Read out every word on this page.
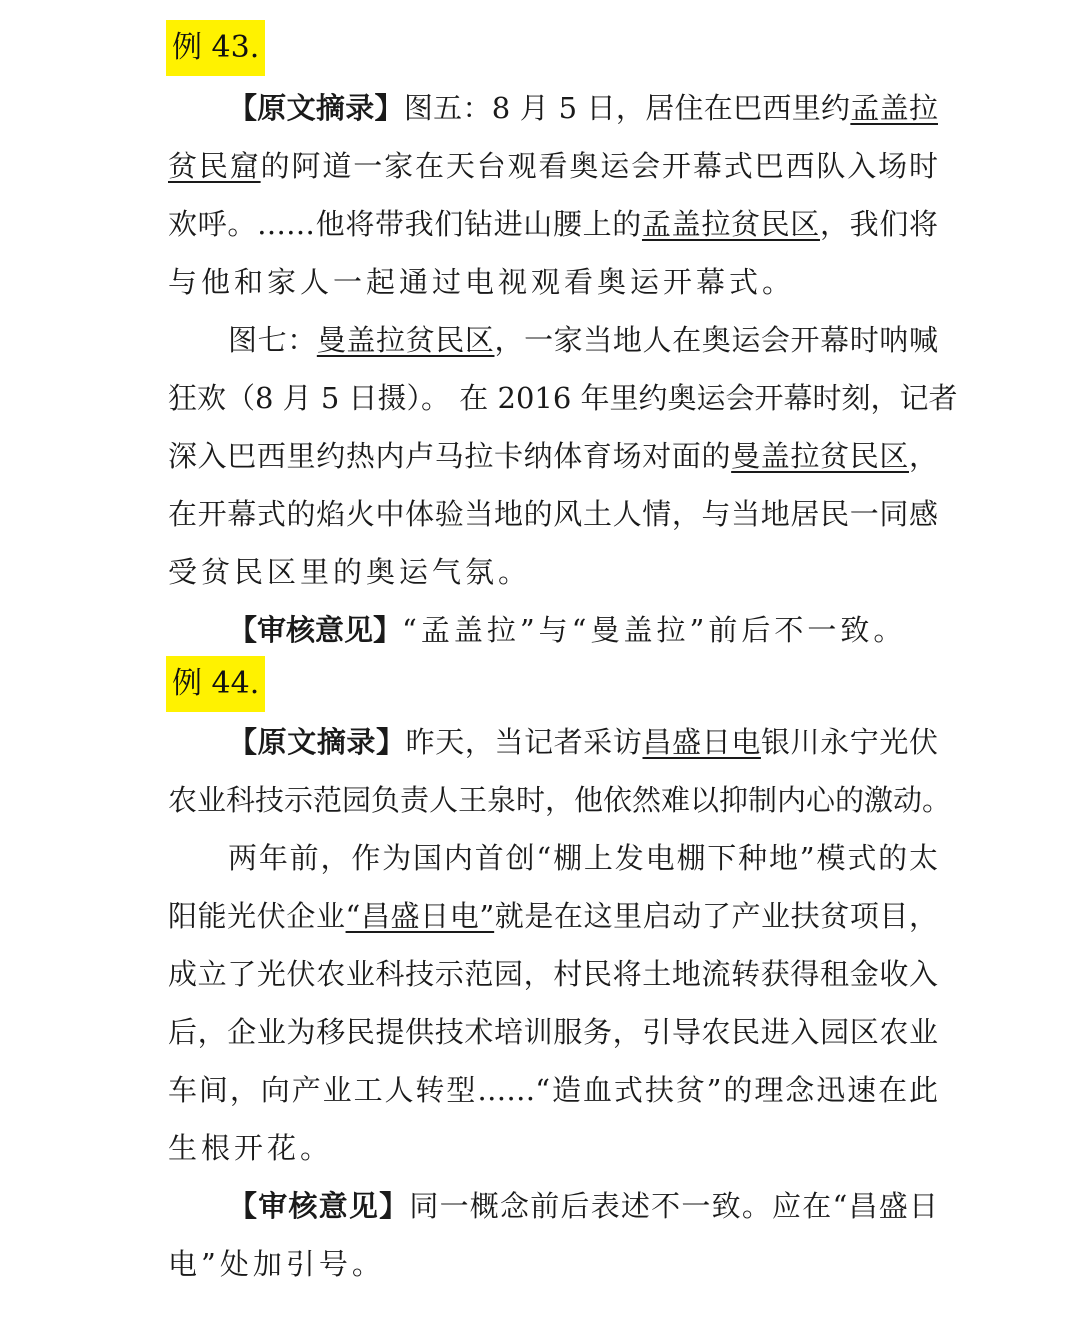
例 43.
【原文摘录】图五：8 月 5 日，居住在巴西里约孟盖拉
贫民窟的阿道一家在天台观看奥运会开幕式巴西队入场时
欢呼。……他将带我们钻进山腰上的孟盖拉贫民区，我们将
与他和家人一起通过电视观看奥运开幕式。
图七：曼盖拉贫民区，一家当地人在奥运会开幕时呐喊
狂欢（8 月 5 日摄）。 在 2016 年里约奥运会开幕时刻，记者
深入巴西里约热内卢马拉卡纳体育场对面的曼盖拉贫民区，
在开幕式的焰火中体验当地的风土人情，与当地居民一同感
受贫民区里的奥运气氛。
【审核意见】“孟盖拉”与“曼盖拉”前后不一致。
例 44.
【原文摘录】昨天，当记者采访昌盛日电银川永宁光伏
农业科技示范园负责人王泉时，他依然难以抑制内心的激动。
两年前，作为国内首创“棚上发电棚下种地”模式的太
阳能光伏企业“昌盛日电”就是在这里启动了产业扶贫项目，
成立了光伏农业科技示范园，村民将土地流转获得租金收入
后，企业为移民提供技术培训服务，引导农民进入园区农业
车间，向产业工人转型……“造血式扶贫”的理念迅速在此
生根开花。
【审核意见】同一概念前后表述不一致。应在“昌盛日
电”处加引号。
